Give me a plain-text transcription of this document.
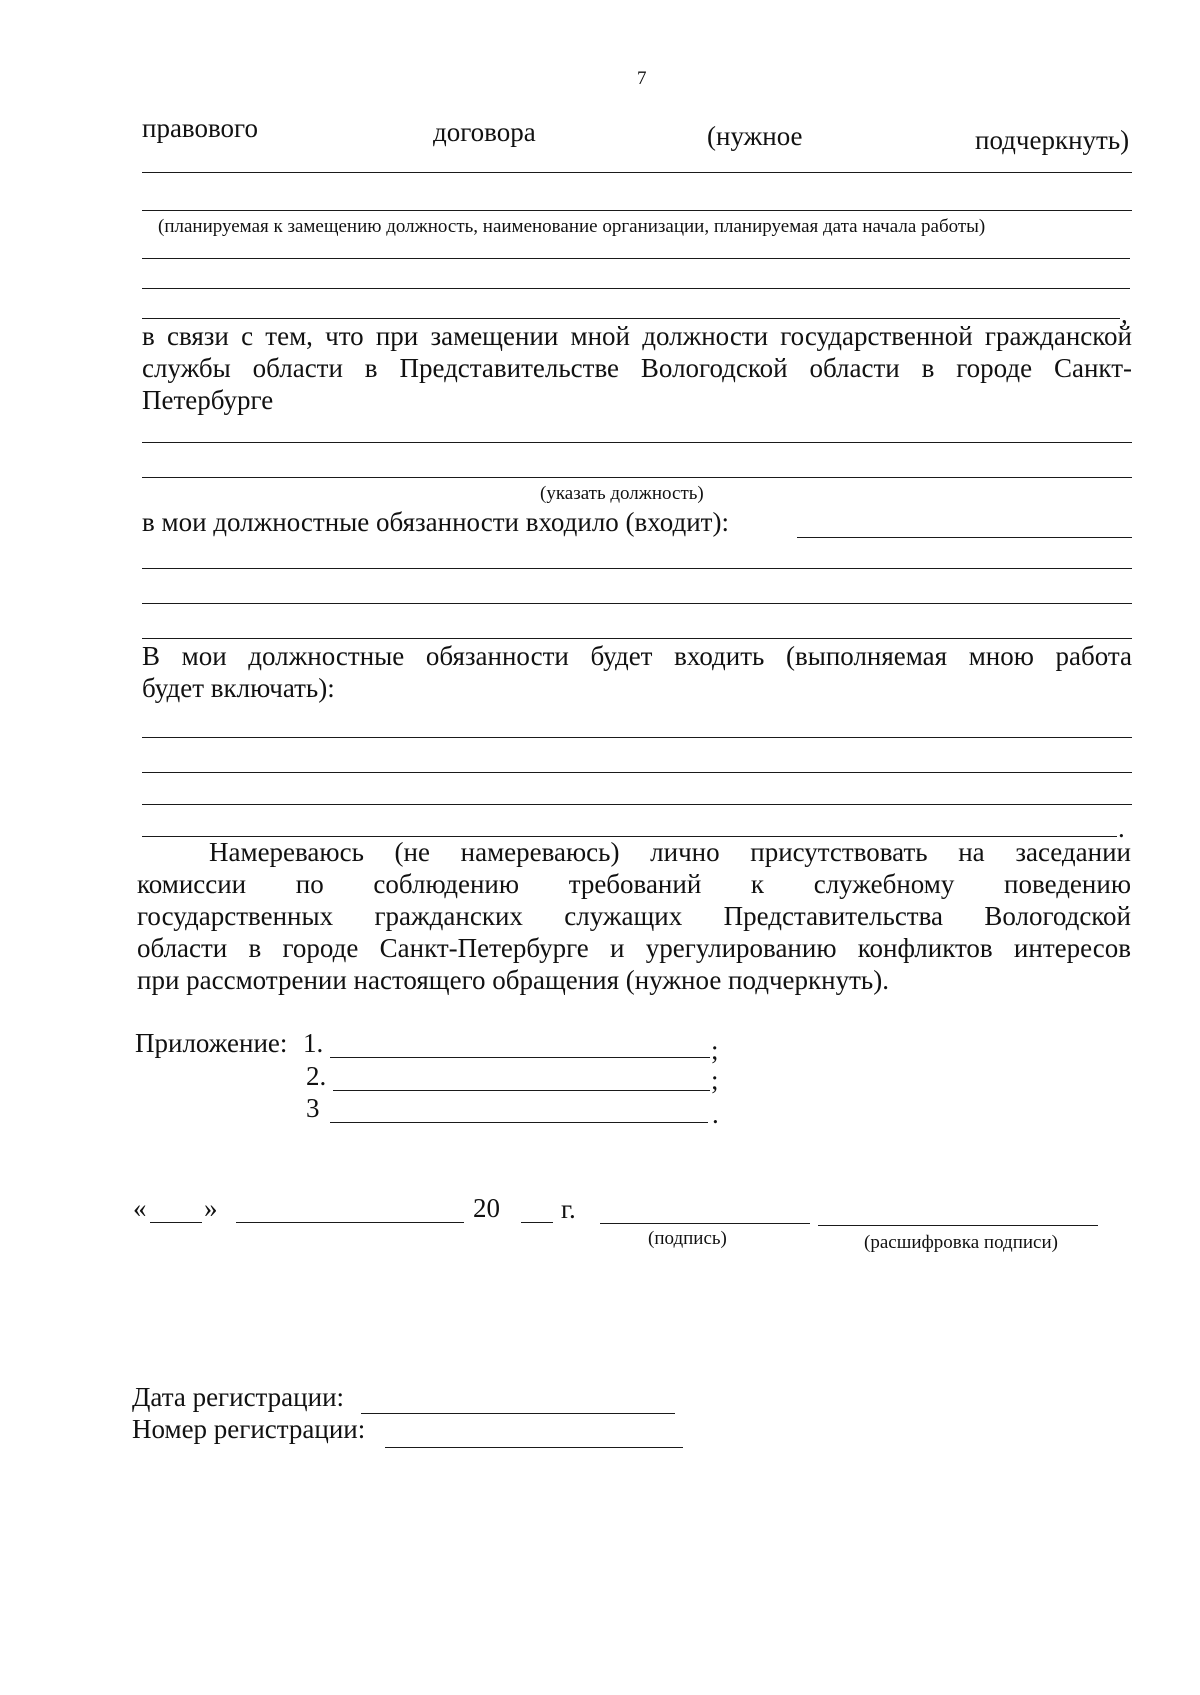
7
правового	договора	(нужное	подчеркнуть)
(планируемая к замещению должность, наименование организации, планируемая дата начала работы)
,
в связи с тем, что при замещении мной должности государственной гражданской
службы области в Представительстве Вологодской области в городе Санкт-
Петербурге
(указать должность)
в мои должностные обязанности входило (входит):
В мои должностные обязанности будет входить (выполняемая мною работа
будет включать):
.
Намереваюсь (не намереваюсь) лично присутствовать на заседании
комиссии по соблюдению требований к служебному поведению
государственных гражданских служащих Представительства Вологодской
области в городе Санкт-Петербурге и урегулированию конфликтов интересов
при рассмотрении настоящего обращения (нужное подчеркнуть).
Приложение: 1.	;
2.	;
3	.
« »	20 г.
(подпись)	(расшифровка подписи)
Дата регистрации:
Номер регистрации:
